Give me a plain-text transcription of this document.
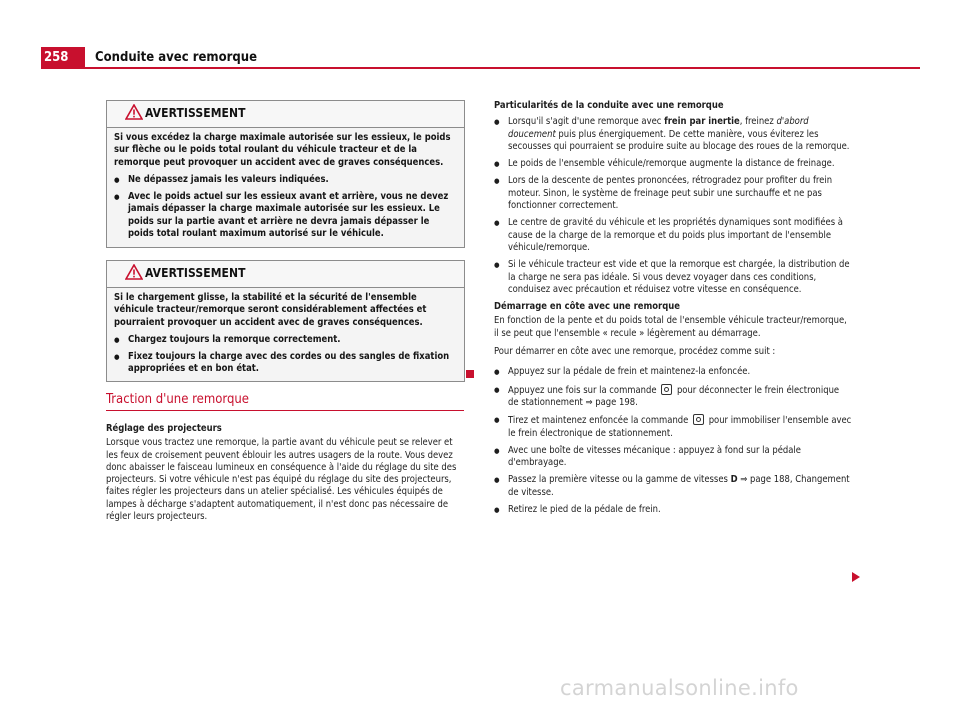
258	Conduite avec remorque
AVERTISSEMENT

Si vous excédez la charge maximale autorisée sur les essieux, le poids sur flèche ou le poids total roulant du véhicule tracteur et de la remorque peut provoquer un accident avec de graves conséquences.

● Ne dépassez jamais les valeurs indiquées.
● Avec le poids actuel sur les essieux avant et arrière, vous ne devez jamais dépasser la charge maximale autorisée sur les essieux. Le poids sur la partie avant et arrière ne devra jamais dépasser le poids total roulant maximum autorisé sur le véhicule.
AVERTISSEMENT

Si le chargement glisse, la stabilité et la sécurité de l'ensemble véhicule tracteur/remorque seront considérablement affectées et pourraient provoquer un accident avec de graves conséquences.

● Chargez toujours la remorque correctement.
● Fixez toujours la charge avec des cordes ou des sangles de fixation appropriées et en bon état.
Traction d'une remorque

Réglage des projecteurs

Lorsque vous tractez une remorque, la partie avant du véhicule peut se relever et les feux de croisement peuvent éblouir les autres usagers de la route. Vous devez donc abaisser le faisceau lumineux en conséquence à l'aide du réglage du site des projecteurs. Si votre véhicule n'est pas équipé du réglage du site des projecteurs, faites régler les projecteurs dans un atelier spécialisé. Les véhicules équipés de lampes à décharge s'adaptent automatiquement, il n'est donc pas nécessaire de régler leurs projecteurs.

Particularités de la conduite avec une remorque

● Lorsqu'il s'agit d'une remorque avec frein par inertie, freinez d'abord doucement puis plus énergiquement. De cette manière, vous éviterez les secousses qui pourraient se produire suite au blocage des roues de la remorque.
● Le poids de l'ensemble véhicule/remorque augmente la distance de freinage.
● Lors de la descente de pentes prononcées, rétrogradez pour profiter du frein moteur. Sinon, le système de freinage peut subir une surchauffe et ne pas fonctionner correctement.
● Le centre de gravité du véhicule et les propriétés dynamiques sont modifiées à cause de la charge de la remorque et du poids plus important de l'ensemble véhicule/remorque.
● Si le véhicule tracteur est vide et que la remorque est chargée, la distribution de la charge ne sera pas idéale. Si vous devez voyager dans ces conditions, conduisez avec précaution et réduisez votre vitesse en conséquence.

Démarrage en côte avec une remorque

En fonction de la pente et du poids total de l'ensemble véhicule tracteur/remorque, il se peut que l'ensemble « recule » légèrement au démarrage.

Pour démarrer en côte avec une remorque, procédez comme suit :

● Appuyez sur la pédale de frein et maintenez-la enfoncée.
● Appuyez une fois sur la commande  pour déconnecter le frein électronique de stationnement ⇒ page 198.
● Tirez et maintenez enfoncée la commande  pour immobiliser l'ensemble avec le frein électronique de stationnement.
● Avec une boîte de vitesses mécanique : appuyez à fond sur la pédale d'embrayage.
● Passez la première vitesse ou la gamme de vitesses D ⇒ page 188, Changement de vitesse.
● Retirez le pied de la pédale de frein.
carmanualsonline.info
